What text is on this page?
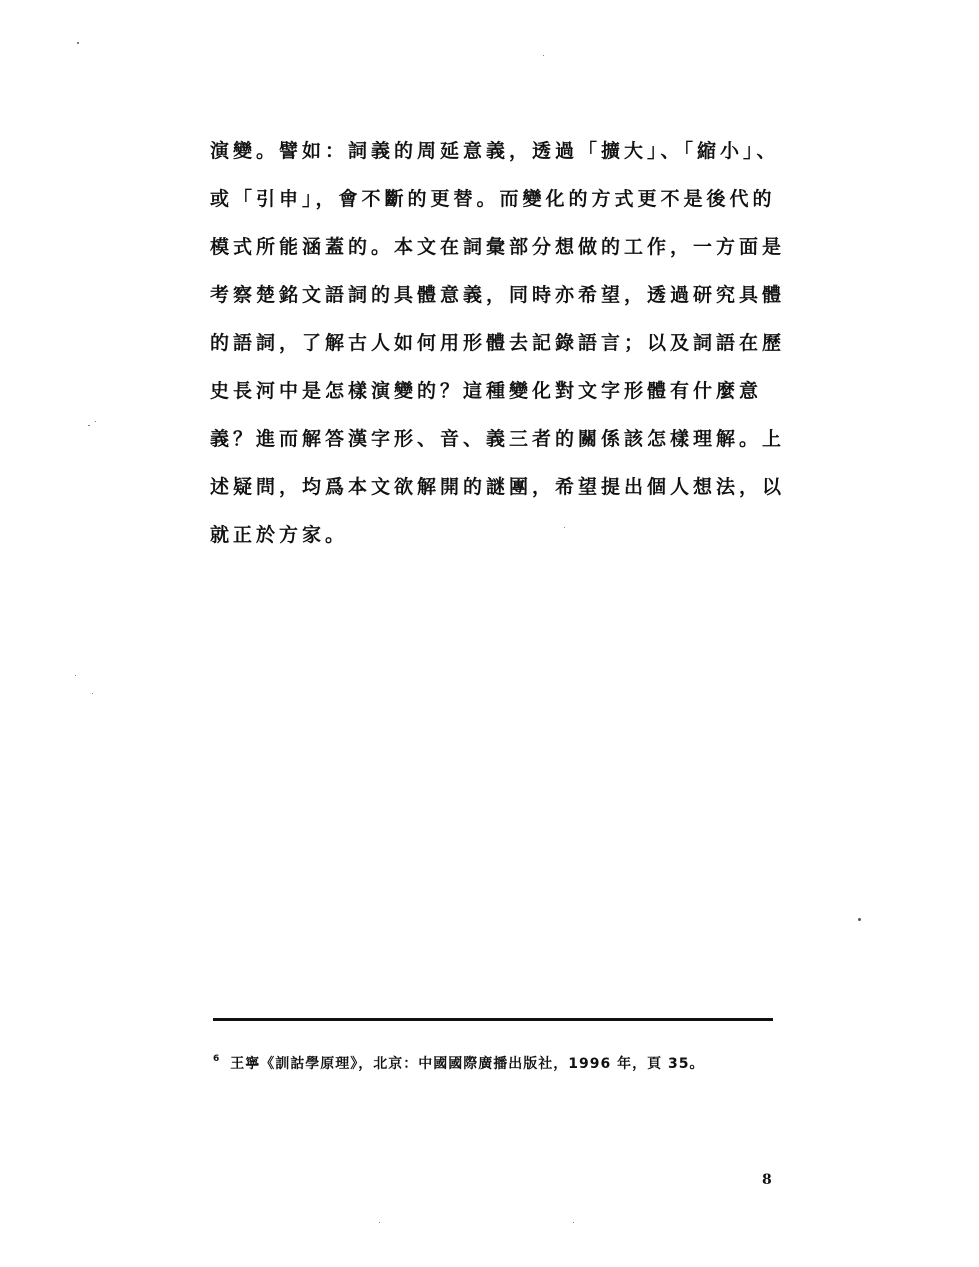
演變。譬如：詞義的周延意義，透過「擴大」、「縮小」、
或「引申」，會不斷的更替。而變化的方式更不是後代的
模式所能涵蓋的。本文在詞彙部分想做的工作，一方面是
考察楚銘文語詞的具體意義，同時亦希望，透過研究具體
的語詞，了解古人如何用形體去記錄語言；以及詞語在歷
史長河中是怎樣演變的？這種變化對文字形體有什麼意
義？進而解答漢字形、音、義三者的關係該怎樣理解。上
述疑問，均爲本文欲解開的謎團，希望提出個人想法，以
就正於方家。
6 王寧《訓詁學原理》，北京：中國國際廣播出版社，1996 年，頁 35。
8
